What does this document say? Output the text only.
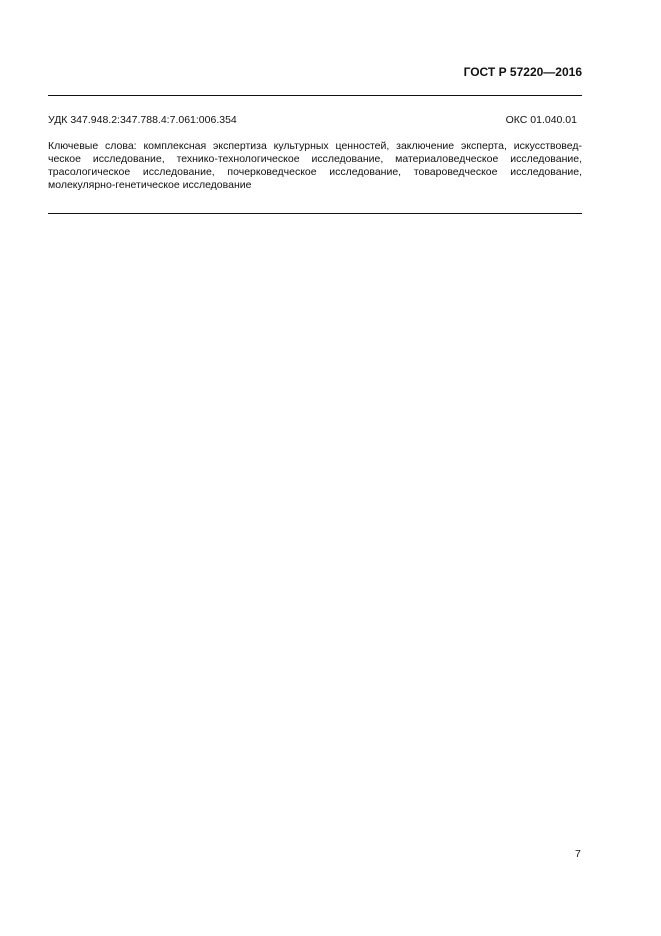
ГОСТ Р 57220—2016
УДК 347.948.2:347.788.4:7.061:006.354	ОКС 01.040.01
Ключевые слова: комплексная экспертиза культурных ценностей, заключение эксперта, искусствовед-
ческое исследование, технико-технологическое исследование, материаловедческое исследование,
трасологическое исследование, почерковедческое исследование, товароведческое исследование,
молекулярно-генетическое исследование
7
